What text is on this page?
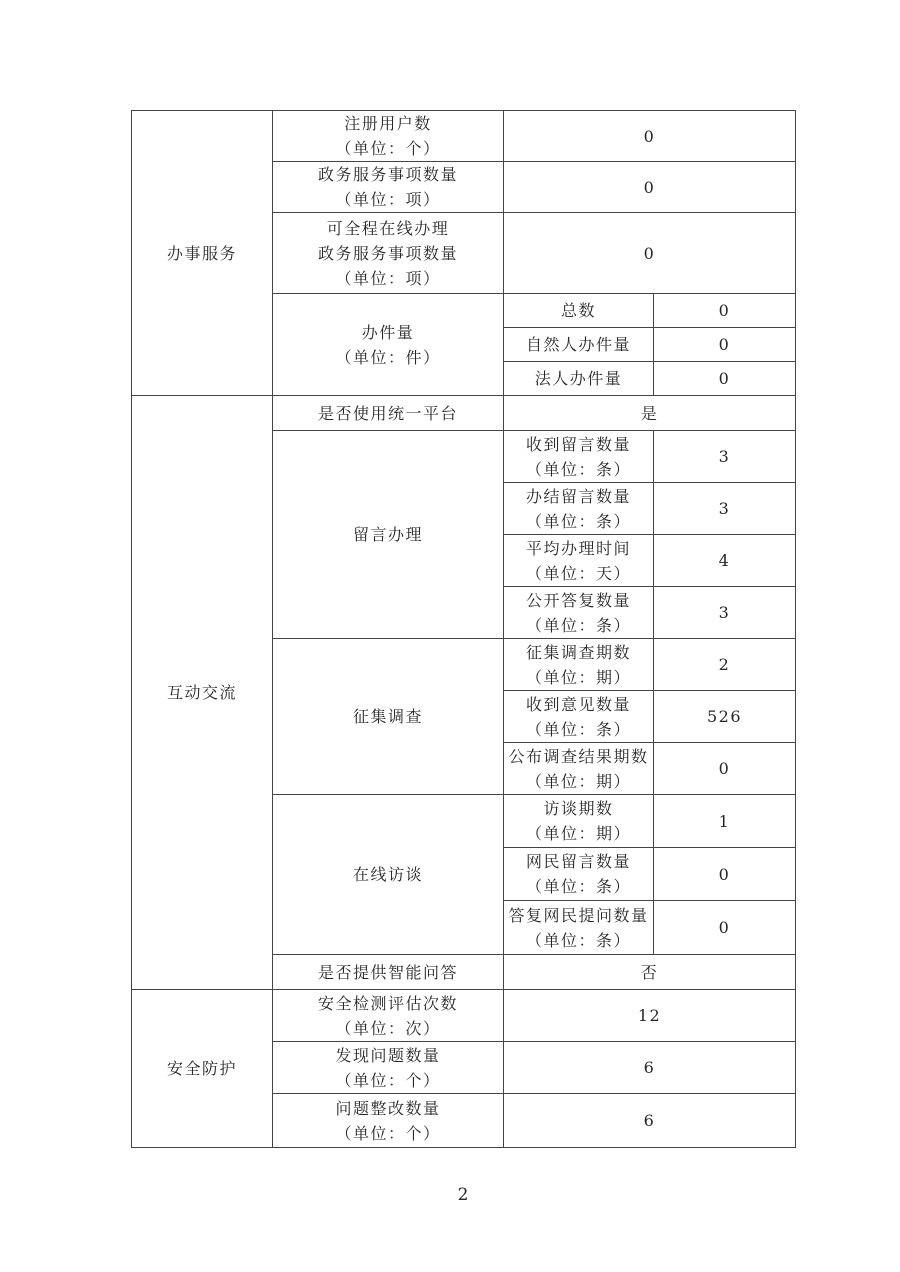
办事服务	注册用户数
（单位：个）	0	

	政务服务事项数量
（单位：项）	0	

	可全程在线办理
政务服务事项数量
（单位：项）	0	

	办件量
（单位：件）	总数	0
		自然人办件量	0
		法人办件量	0

互动交流	是否使用统一平台	是	
	留言办理	收到留言数量
（单位：条）	3

		办结留言数量
（单位：条）	3

		平均办理时间
（单位：天）	4

		公开答复数量
（单位：条）	3
	征集调查	征集调查期数
（单位：期）	2

		收到意见数量
（单位：条）	526

		公布调查结果期数
（单位：期）	0
	在线访谈	访谈期数
（单位：期）	1

		网民留言数量
（单位：条）	0

		答复网民提问数量
（单位：条）	0
	是否提供智能问答	否	

安全防护	安全检测评估次数
（单位：次）	12	

	发现问题数量
（单位：个）	6	

	问题整改数量
（单位：个）	6	
2
